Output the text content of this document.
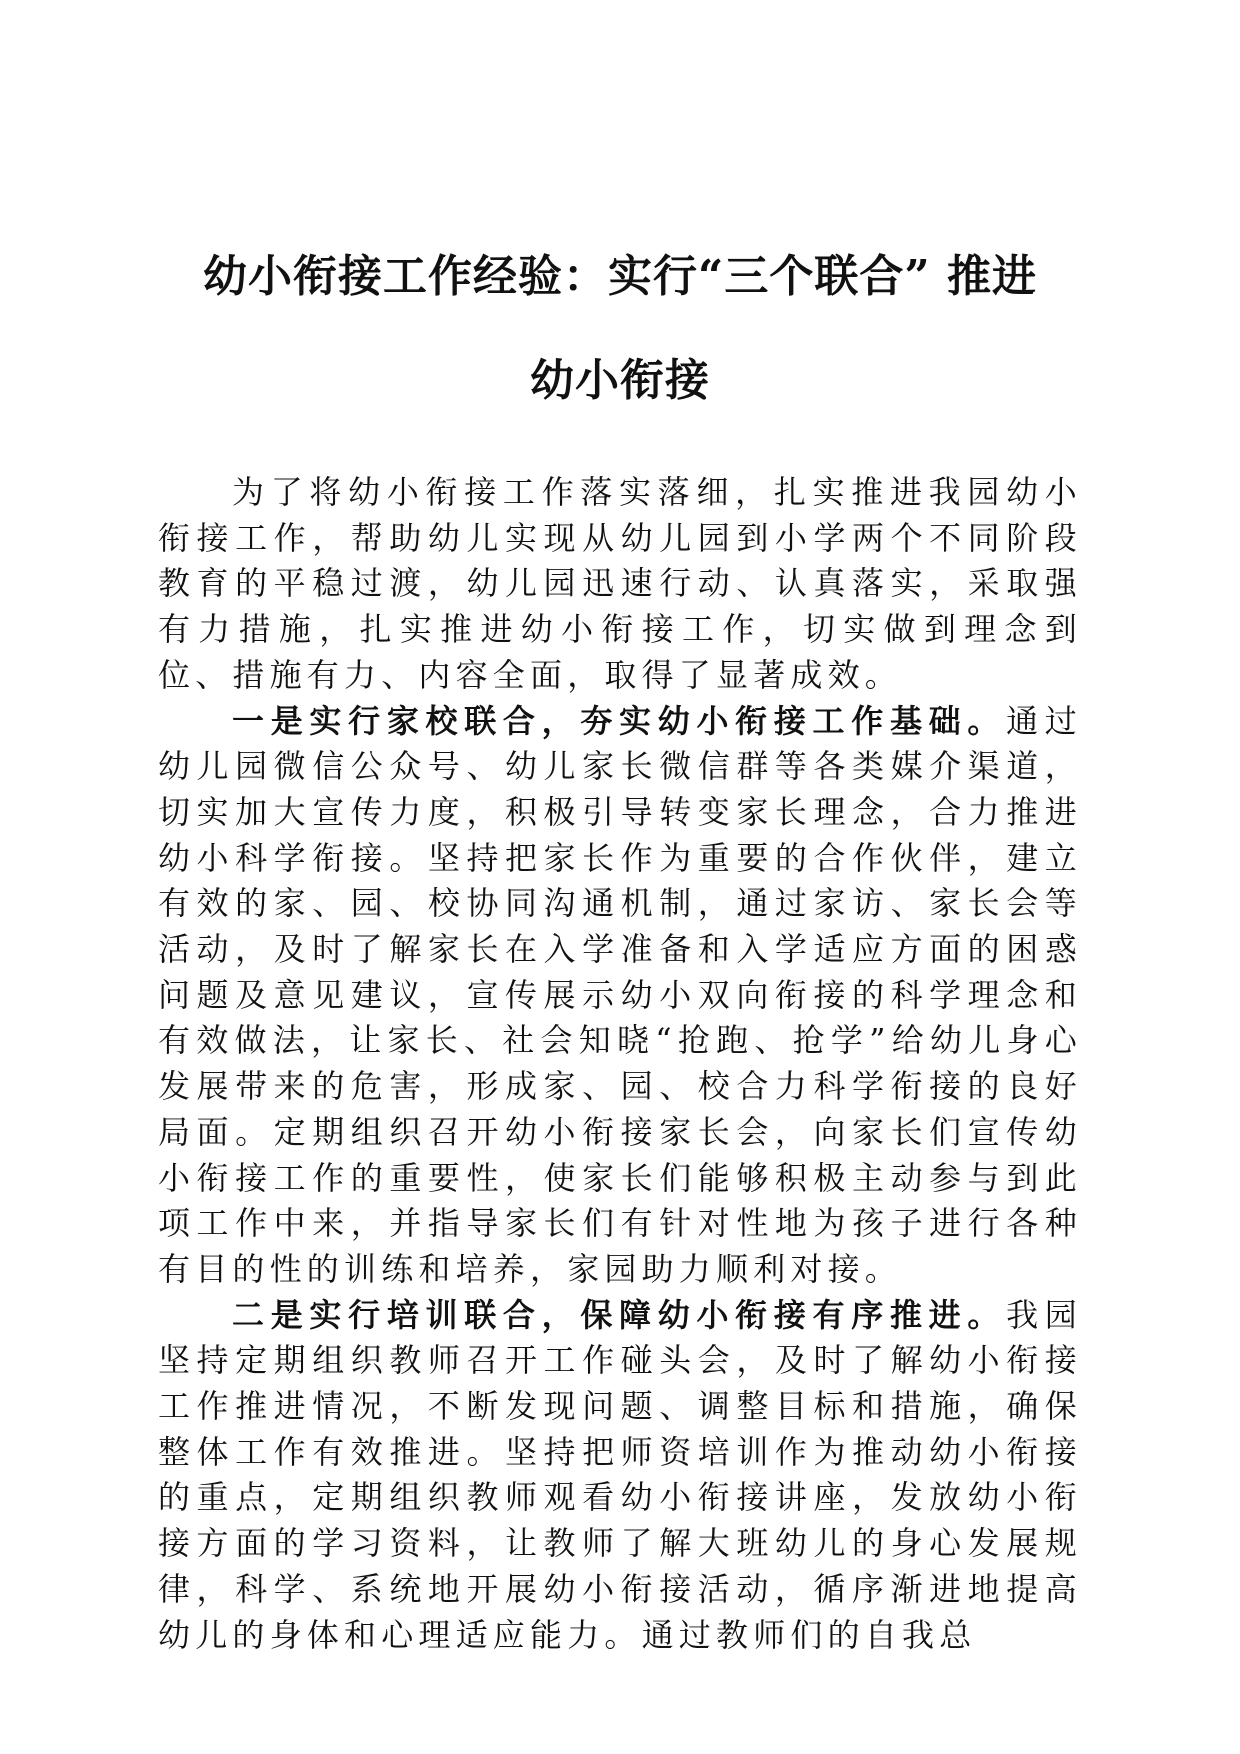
幼小衔接工作经验：实行“三个联合” 推进
幼小衔接

为了将幼小衔接工作落实落细，扎实推进我园幼小衔接工作，帮助幼儿实现从幼儿园到小学两个不同阶段教育的平稳过渡，幼儿园迅速行动、认真落实，采取强有力措施，扎实推进幼小衔接工作，切实做到理念到位、措施有力、内容全面，取得了显著成效。

一是实行家校联合，夯实幼小衔接工作基础。通过幼儿园微信公众号、幼儿家长微信群等各类媒介渠道，切实加大宣传力度，积极引导转变家长理念，合力推进幼小科学衔接。坚持把家长作为重要的合作伙伴，建立有效的家、园、校协同沟通机制，通过家访、家长会等活动，及时了解家长在入学准备和入学适应方面的困惑问题及意见建议，宣传展示幼小双向衔接的科学理念和有效做法，让家长、社会知晓“抢跑、抢学”给幼儿身心发展带来的危害，形成家、园、校合力科学衔接的良好局面。定期组织召开幼小衔接家长会，向家长们宣传幼小衔接工作的重要性，使家长们能够积极主动参与到此项工作中来，并指导家长们有针对性地为孩子进行各种有目的性的训练和培养，家园助力顺利对接。

二是实行培训联合，保障幼小衔接有序推进。我园坚持定期组织教师召开工作碰头会，及时了解幼小衔接工作推进情况，不断发现问题、调整目标和措施，确保整体工作有效推进。坚持把师资培训作为推动幼小衔接的重点，定期组织教师观看幼小衔接讲座，发放幼小衔接方面的学习资料，让教师了解大班幼儿的身心发展规律，科学、系统地开展幼小衔接活动，循序渐进地提高幼儿的身体和心理适应能力。通过教师们的自我总
